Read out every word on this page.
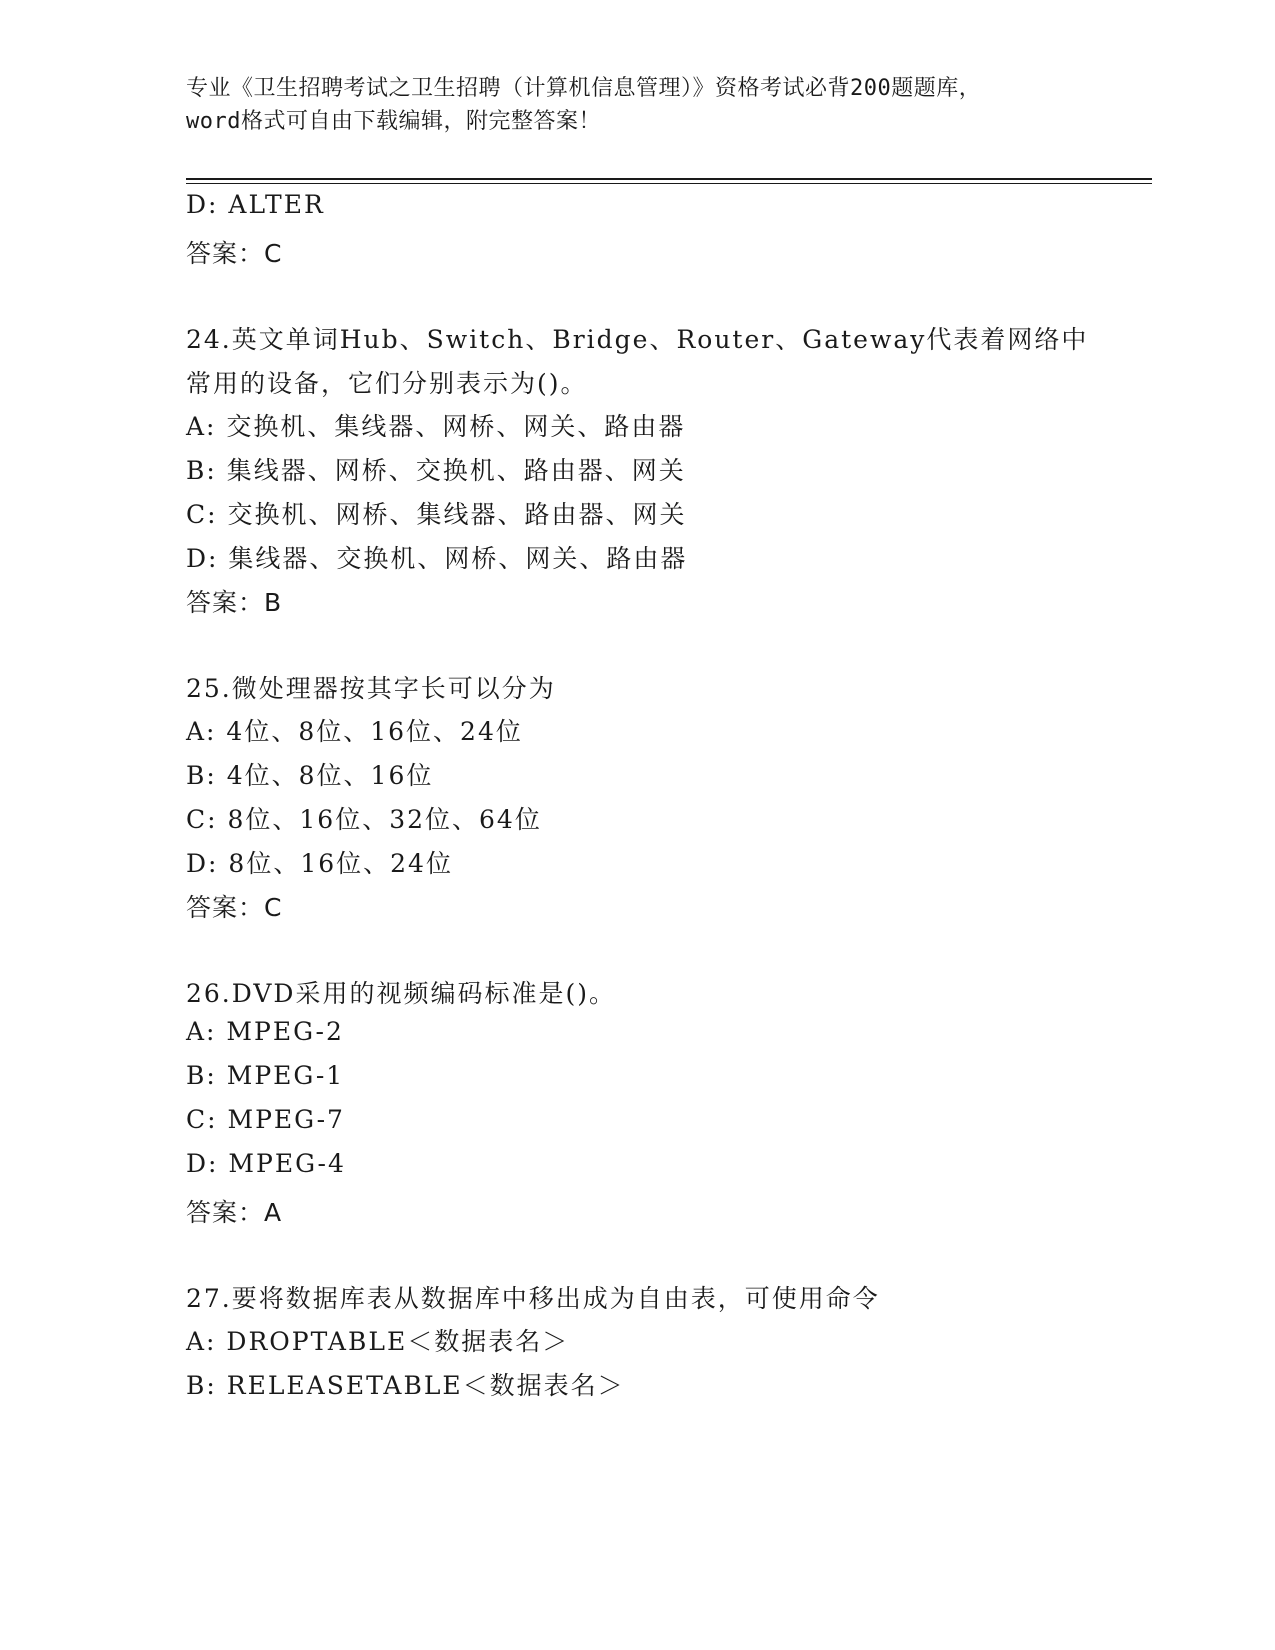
专业《卫生招聘考试之卫生招聘（计算机信息管理）》资格考试必背200题题库，
word格式可自由下载编辑，附完整答案！
D: ALTER
答案：C
24.英文单词Hub、Switch、Bridge、Router、Gateway代表着网络中
常用的设备，它们分别表示为()。
A: 交换机、集线器、网桥、网关、路由器
B: 集线器、网桥、交换机、路由器、网关
C: 交换机、网桥、集线器、路由器、网关
D: 集线器、交换机、网桥、网关、路由器
答案：B
25.微处理器按其字长可以分为
A: 4位、8位、16位、24位
B: 4位、8位、16位
C: 8位、16位、32位、64位
D: 8位、16位、24位
答案：C
26.DVD采用的视频编码标准是()。
A: MPEG-2
B: MPEG-1
C: MPEG-7
D: MPEG-4
答案：A
27.要将数据库表从数据库中移出成为自由表，可使用命令
A: DROPTABLE＜数据表名＞
B: RELEASETABLE＜数据表名＞
